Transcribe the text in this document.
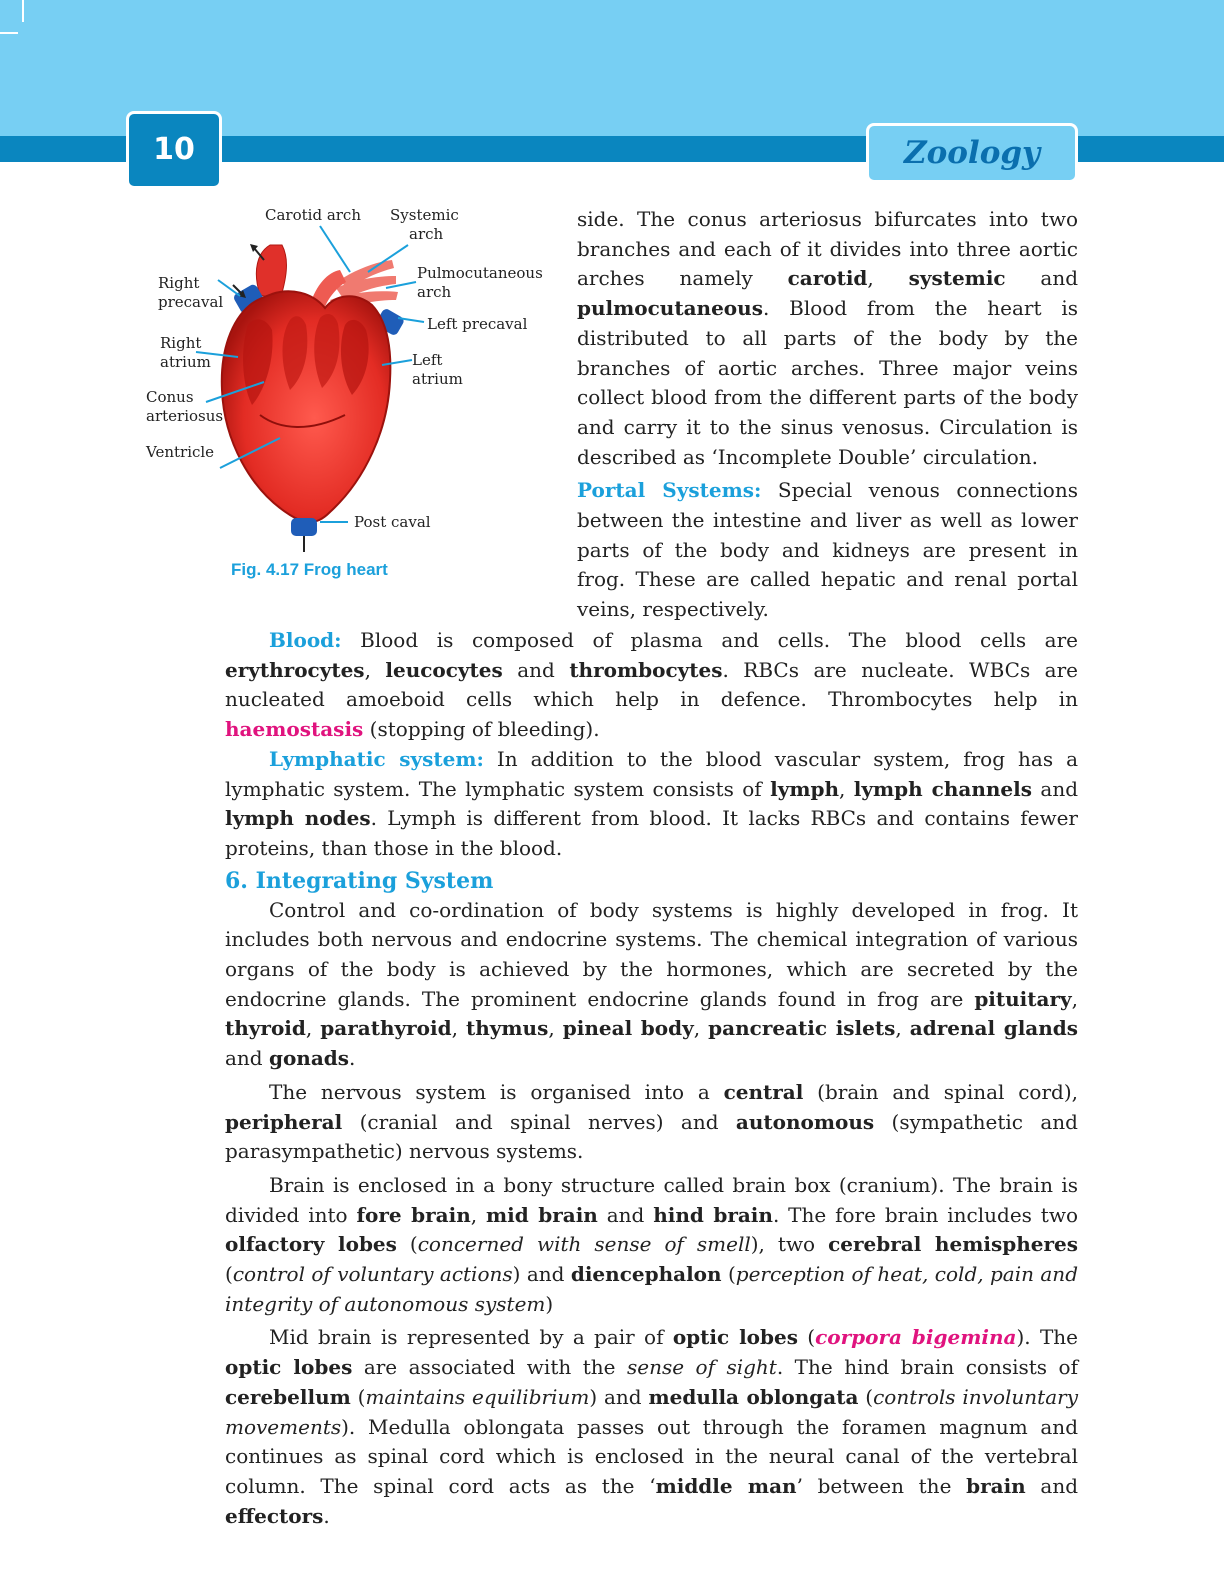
10	Zoology
Carotid arch Systemic
arch
Pulmocutaneous
arch
Right
precaval
Left precaval
Right
atrium	Left
atrium
Conus
arteriosus
Ventricle
Post caval
Fig. 4.17 Frog heart

side. The conus arteriosus bifurcates into two branches and each of it divides into three aortic arches namely carotid, systemic and pulmocutaneous. Blood from the heart is distributed to all parts of the body by the branches of aortic arches. Three major veins collect blood from the different parts of the body and carry it to the sinus venosus. Circulation is described as ‘Incomplete Double’ circulation.

Portal Systems: Special venous connections between the intestine and liver as well as lower parts of the body and kidneys are present in frog. These are called hepatic and renal portal veins, respectively.

Blood: Blood is composed of plasma and cells. The blood cells are erythrocytes, leucocytes and thrombocytes. RBCs are nucleate. WBCs are nucleated amoeboid cells which help in defence. Thrombocytes help in haemostasis (stopping of bleeding).

Lymphatic system: In addition to the blood vascular system, frog has a lymphatic system. The lymphatic system consists of lymph, lymph channels and lymph nodes. Lymph is different from blood. It lacks RBCs and contains fewer proteins, than those in the blood.

6. Integrating System

Control and co-ordination of body systems is highly developed in frog. It includes both nervous and endocrine systems. The chemical integration of various organs of the body is achieved by the hormones, which are secreted by the endocrine glands. The prominent endocrine glands found in frog are pituitary, thyroid, parathyroid, thymus, pineal body, pancreatic islets, adrenal glands and gonads.

The nervous system is organised into a central (brain and spinal cord), peripheral (cranial and spinal nerves) and autonomous (sympathetic and parasympathetic) nervous systems.

Brain is enclosed in a bony structure called brain box (cranium). The brain is divided into fore brain, mid brain and hind brain. The fore brain includes two olfactory lobes (concerned with sense of smell), two cerebral hemispheres (control of voluntary actions) and diencephalon (perception of heat, cold, pain and integrity of autonomous system)

Mid brain is represented by a pair of optic lobes (corpora bigemina). The optic lobes are associated with the sense of sight. The hind brain consists of cerebellum (maintains equilibrium) and medulla oblongata (controls involuntary movements). Medulla oblongata passes out through the foramen magnum and continues as spinal cord which is enclosed in the neural canal of the vertebral column. The spinal cord acts as the ‘middle man’ between the brain and effectors.
